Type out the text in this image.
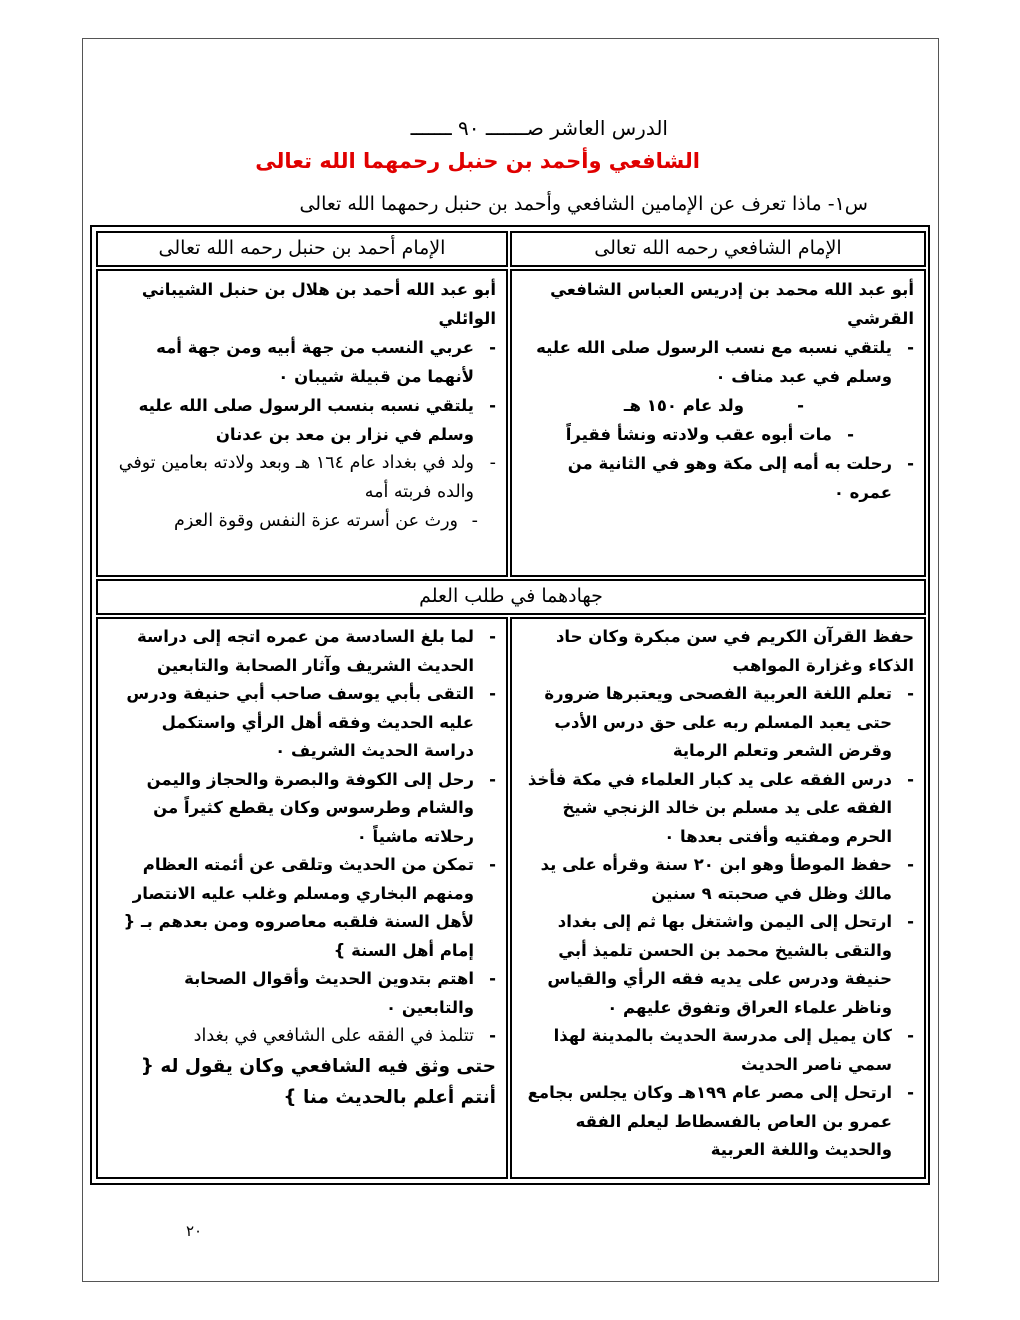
الدرس العاشر صـــــــ ٩٠ ـــــــ
الشافعي وأحمد بن حنبل رحمهما الله تعالى
س١- ماذا تعرف عن الإمامين الشافعي وأحمد بن حنبل رحمهما الله تعالى
الإمام الشافعي رحمه الله تعالى
الإمام أحمد بن حنبل رحمه الله تعالى

أبو عبد الله محمد بن إدريس العباس الشافعي القرشي

-
يلتقي نسبه مع نسب الرسول صلى الله عليه وسلم في عبد مناف ٠

-
ولد عام ١٥٠ هـ

-
مات أبوه عقب ولادته ونشأ فقيراً

-
رحلت به أمه إلى مكة وهو في الثانية من عمره ٠

أبو عبد الله أحمد بن هلال بن حنبل الشيباني الوائلي

-
عربي النسب من جهة أبيه ومن جهة أمه لأنهما من قبيلة شيبان ٠

-
يلتقي نسبه بنسب الرسول صلى الله عليه وسلم في نزار بن معد بن عدنان

-
ولد في بغداد عام ١٦٤ هـ وبعد ولادته بعامين توفي والده فربته أمه

-
ورث عن أسرته عزة النفس وقوة العزم

جهادهما في طلب العلم

حفظ القرآن الكريم في سن مبكرة وكان حاد الذكاء وغزارة المواهب

-
تعلم اللغة العربية الفصحى ويعتبرها ضرورة حتى يعبد المسلم ربه على حق درس الأدب وقرض الشعر وتعلم الرماية

-
درس الفقه على يد كبار العلماء في مكة فأخذ الفقه على يد مسلم بن خالد الزنجي شيخ الحرم ومفتيه وأفتى بعدها ٠

-
حفظ الموطأ وهو ابن ٢٠ سنة وقرأه على يد مالك وظل في صحبته ٩ سنين

-
ارتحل إلى اليمن واشتغل بها ثم إلى بغداد والتقى بالشيخ محمد بن الحسن تلميذ أبي حنيفة ودرس على يديه فقه الرأي والقياس وناظر علماء العراق وتفوق عليهم ٠

-
كان يميل إلى مدرسة الحديث بالمدينة لهذا سمي ناصر الحديث

-
ارتحل إلى مصر عام ١٩٩هـ وكان يجلس بجامع عمرو بن العاص بالفسطاط ليعلم الفقه والحديث واللغة العربية

-
لما بلغ السادسة من عمره اتجه إلى دراسة الحديث الشريف وآثار الصحابة والتابعين

-
التقى بأبي يوسف صاحب أبي حنيفة ودرس عليه الحديث وفقه أهل الرأي واستكمل دراسة الحديث الشريف ٠

-
رحل إلى الكوفة والبصرة والحجاز واليمن والشام وطرسوس وكان يقطع كثيراً من رحلاته ماشياً ٠

-
تمكن من الحديث وتلقى عن أئمته العظام ومنهم البخاري ومسلم وغلب عليه الانتصار لأهل السنة فلقبه معاصروه ومن بعدهم بـ { إمام أهل السنة }

-
اهتم بتدوين الحديث وأقوال الصحابة والتابعين ٠

-
تتلمذ في الفقه على الشافعي في بغداد

حتى وثق فيه الشافعي وكان يقول له { أنتم أعلم بالحديث منا }

٢٠
